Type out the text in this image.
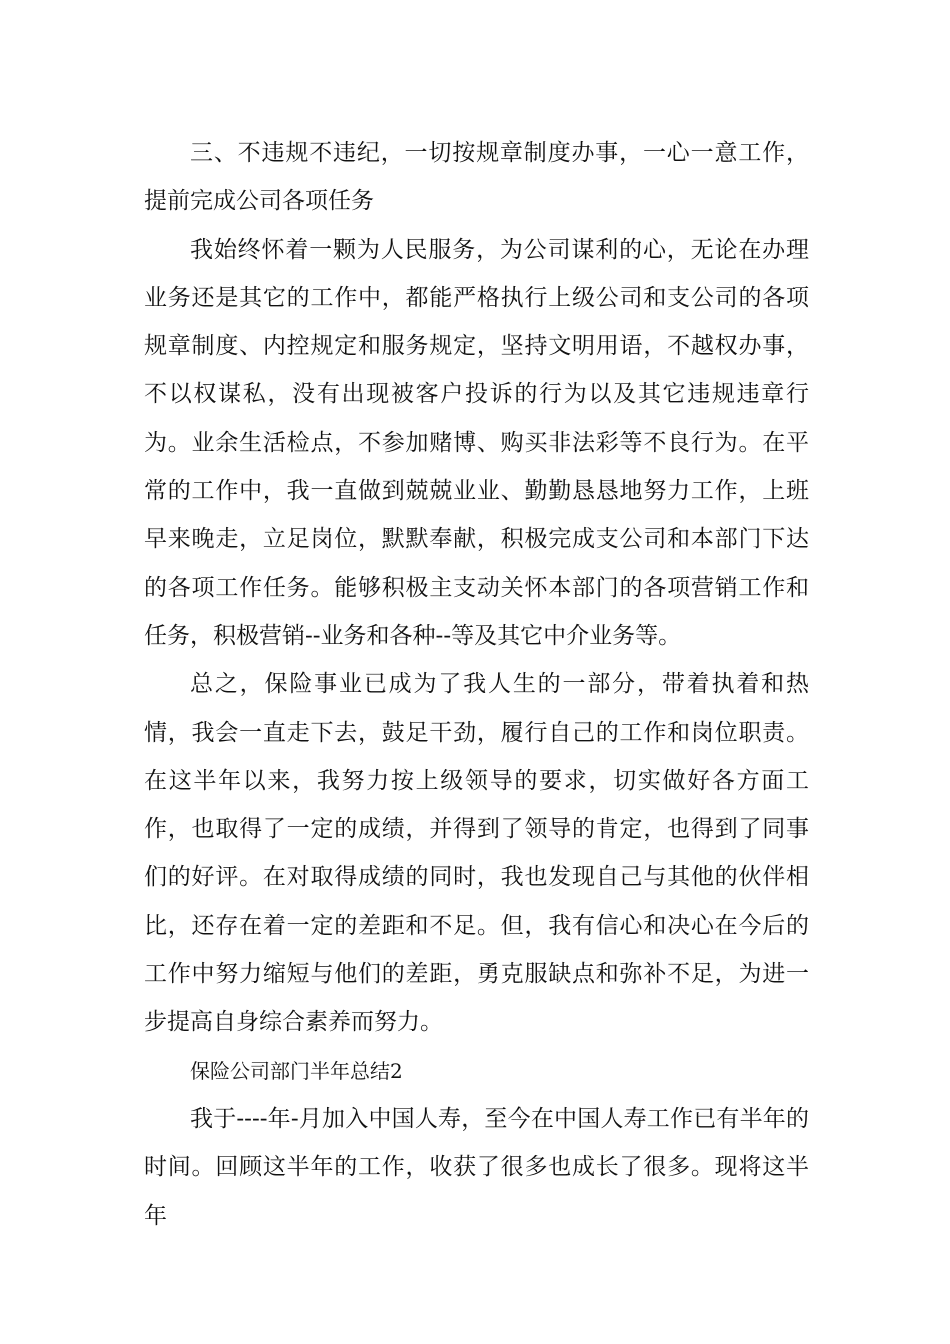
三、不违规不违纪，一切按规章制度办事，一心一意工作，提前完成公司各项任务

我始终怀着一颗为人民服务，为公司谋利的心，无论在办理业务还是其它的工作中，都能严格执行上级公司和支公司的各项规章制度、内控规定和服务规定，坚持文明用语，不越权办事，不以权谋私，没有出现被客户投诉的行为以及其它违规违章行为。业余生活检点，不参加赌博、购买非法彩等不良行为。在平常的工作中，我一直做到兢兢业业、勤勤恳恳地努力工作，上班早来晚走，立足岗位，默默奉献，积极完成支公司和本部门下达的各项工作任务。能够积极主支动关怀本部门的各项营销工作和任务，积极营销--业务和各种--等及其它中介业务等。

总之，保险事业已成为了我人生的一部分，带着执着和热情，我会一直走下去，鼓足干劲，履行自己的工作和岗位职责。在这半年以来，我努力按上级领导的要求，切实做好各方面工作，也取得了一定的成绩，并得到了领导的肯定，也得到了同事们的好评。在对取得成绩的同时，我也发现自己与其他的伙伴相比，还存在着一定的差距和不足。但，我有信心和决心在今后的工作中努力缩短与他们的差距，勇克服缺点和弥补不足，为进一步提高自身综合素养而努力。

保险公司部门半年总结2

我于----年-月加入中国人寿，至今在中国人寿工作已有半年的时间。回顾这半年的工作，收获了很多也成长了很多。现将这半年
